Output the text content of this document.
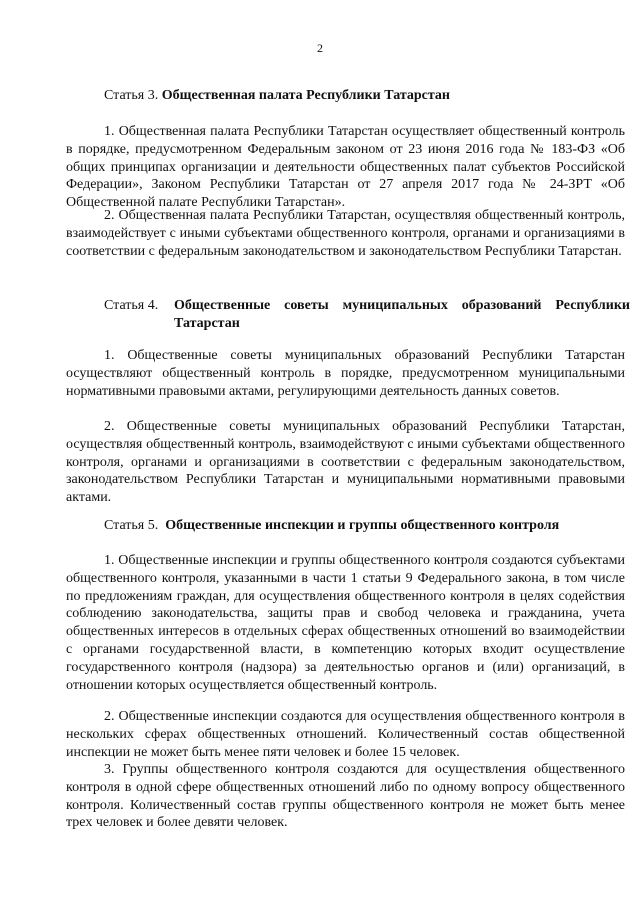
2
Статья 3. Общественная палата Республики Татарстан

1. Общественная палата Республики Татарстан осуществляет общественный контроль в порядке, предусмотренном Федеральным законом от 23 июня 2016 года № 183-ФЗ «Об общих принципах организации и деятельности общественных палат субъектов Российской Федерации», Законом Республики Татарстан от 27 апреля 2017 года № 24-ЗРТ «Об Общественной палате Республики Татарстан».

2. Общественная палата Республики Татарстан, осуществляя общественный контроль, взаимодействует с иными субъектами общественного контроля, органами и организациями в соответствии с федеральным законодательством и законодательством Республики Татарстан.

Статья 4.	Общественные советы муниципальных образований Республики Татарстан

1. Общественные советы муниципальных образований Республики Татарстан осуществляют общественный контроль в порядке, предусмотренном муниципальными нормативными правовыми актами, регулирующими деятельность данных советов.

2. Общественные советы муниципальных образований Республики Татарстан, осуществляя общественный контроль, взаимодействуют с иными субъектами общественного контроля, органами и организациями в соответствии с федеральным законодательством, законодательством Республики Татарстан и муниципальными нормативными правовыми актами.

Статья 5. Общественные инспекции и группы общественного контроля

1. Общественные инспекции и группы общественного контроля создаются субъектами общественного контроля, указанными в части 1 статьи 9 Федерального закона, в том числе по предложениям граждан, для осуществления общественного контроля в целях содействия соблюдению законодательства, защиты прав и свобод человека и гражданина, учета общественных интересов в отдельных сферах общественных отношений во взаимодействии с органами государственной власти, в компетенцию которых входит осуществление государственного контроля (надзора) за деятельностью органов и (или) организаций, в отношении которых осуществляется общественный контроль.

2. Общественные инспекции создаются для осуществления общественного контроля в нескольких сферах общественных отношений. Количественный состав общественной инспекции не может быть менее пяти человек и более 15 человек.

3. Группы общественного контроля создаются для осуществления общественного контроля в одной сфере общественных отношений либо по одному вопросу общественного контроля. Количественный состав группы общественного контроля не может быть менее трех человек и более девяти человек.
